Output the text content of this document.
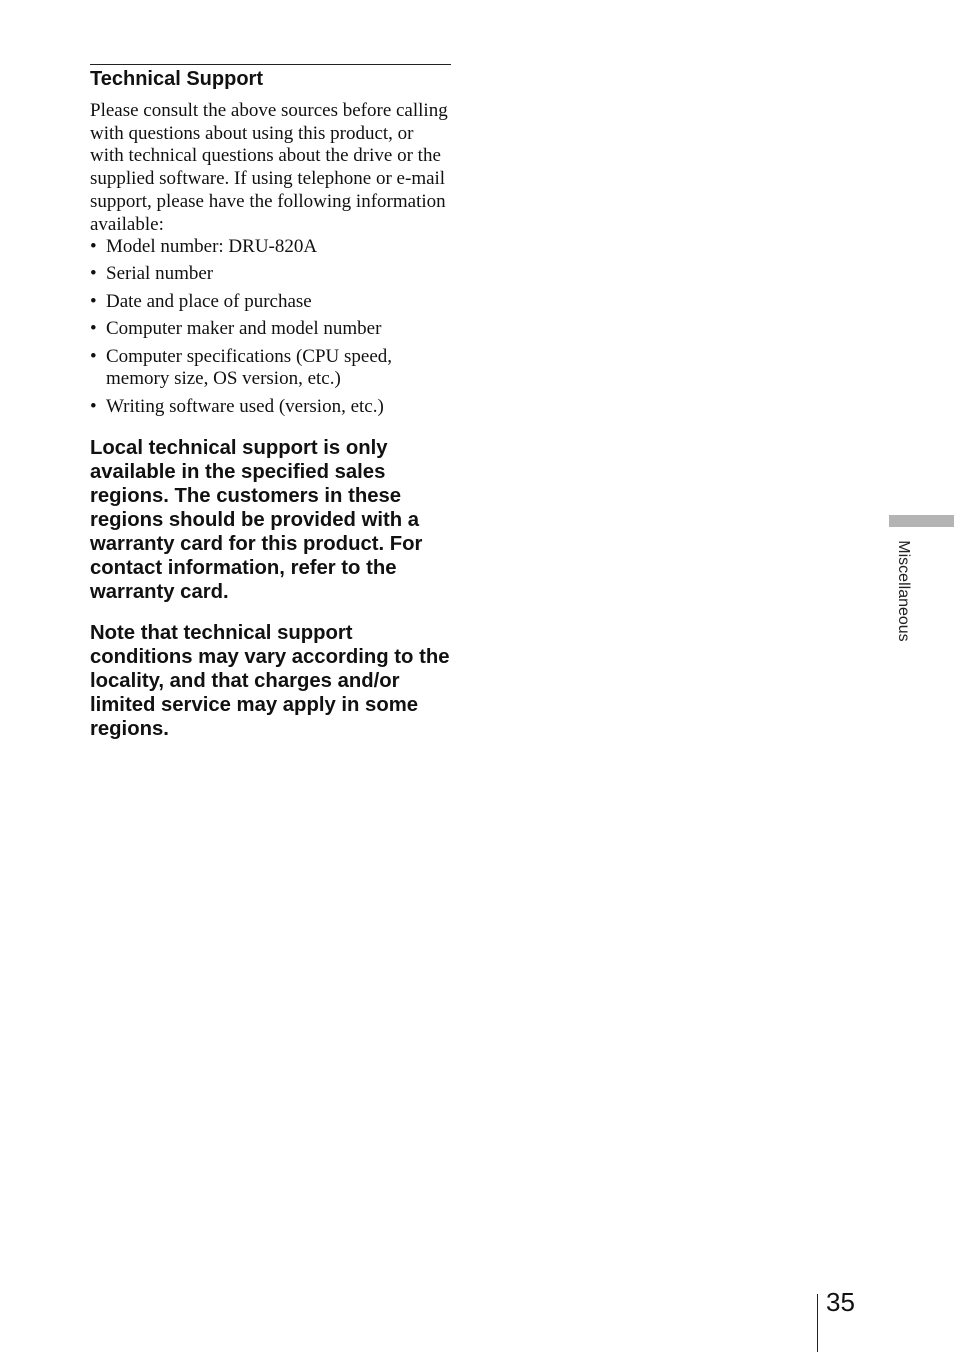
Technical Support

Please consult the above sources before calling with questions about using this product, or with technical questions about the drive or the supplied software. If using telephone or e-mail support, please have the following information available:

• Model number: DRU-820A
• Serial number
• Date and place of purchase
• Computer maker and model number
• Computer specifications (CPU speed, memory size, OS version, etc.)
• Writing software used (version, etc.)

Local technical support is only available in the specified sales regions. The customers in these regions should be provided with a warranty card for this product. For contact information, refer to the warranty card.

Note that technical support conditions may vary according to the locality, and that charges and/or limited service may apply in some regions.

Miscellaneous
35
